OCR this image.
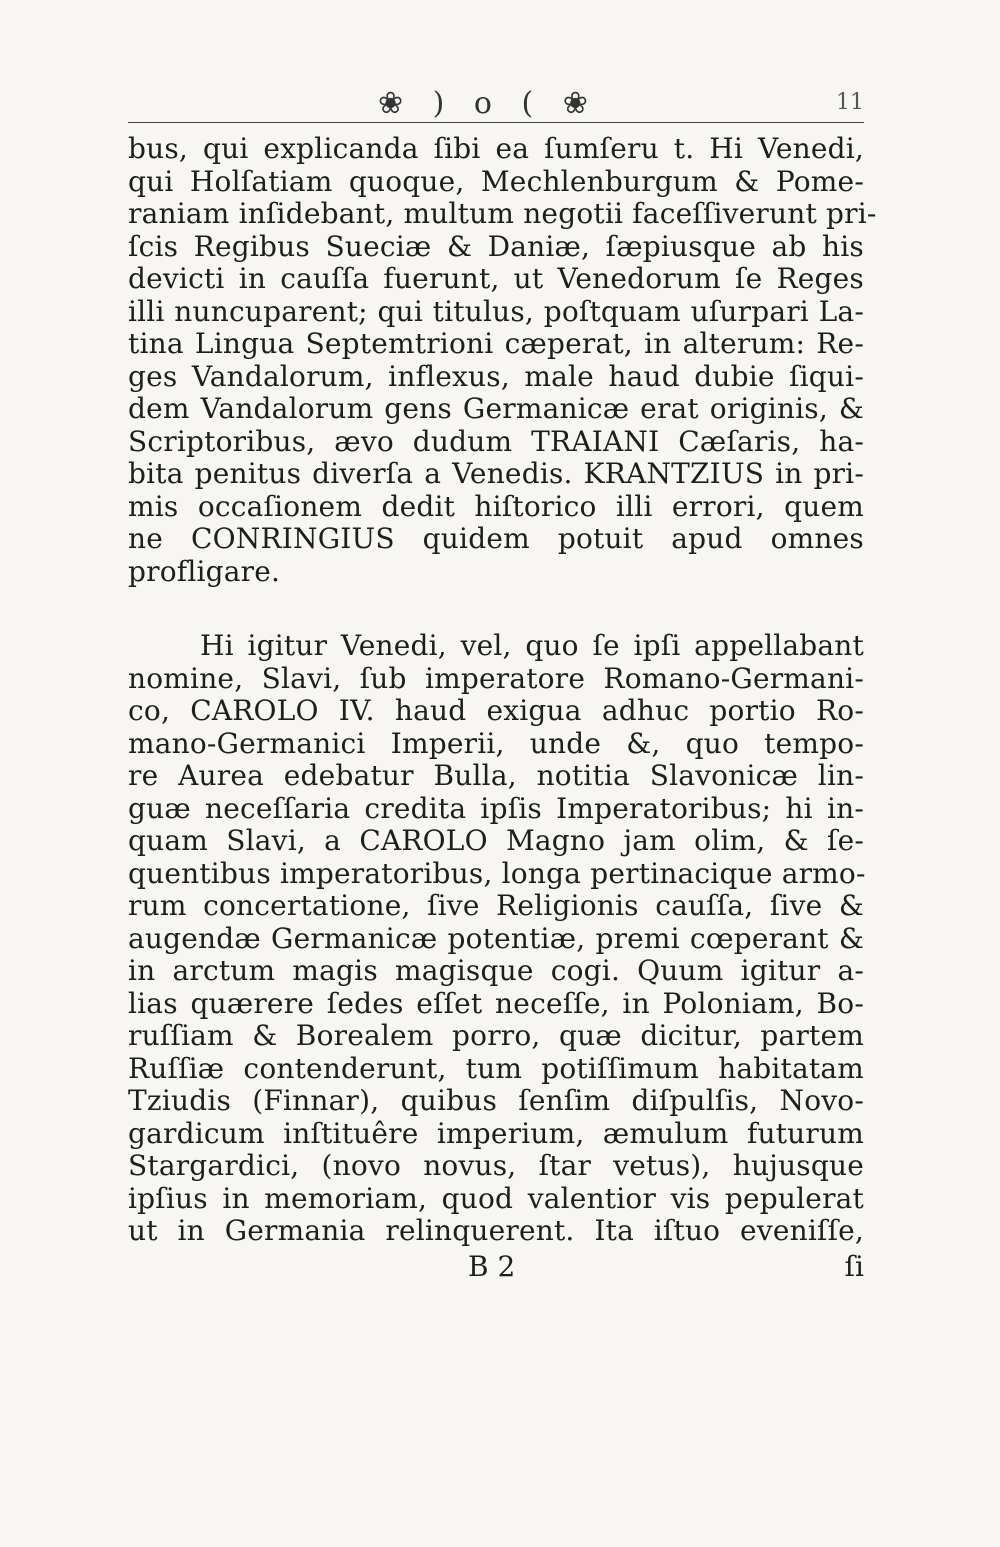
❀ ) o ( ❀	11
bus, qui explicanda ſibi ea ſumſeru t. Hi Venedi,
qui Holſatiam quoque, Mechlenburgum & Pome-
raniam inſidebant, multum negotii faceſſiverunt pri-
ſcis Regibus Sueciæ & Daniæ, ſæpiusque ab his
devicti in cauſſa fuerunt, ut Venedorum ſe Reges
illi nuncuparent; qui titulus, poſtquam uſurpari La-
tina Lingua Septemtrioni cæperat, in alterum: Re-
ges Vandalorum, inflexus, male haud dubie ſiqui-
dem Vandalorum gens Germanicæ erat originis, &
Scriptoribus, ævo dudum TRAIANI Cæſaris, ha-
bita penitus diverſa a Venedis. KRANTZIUS in pri-
mis occaſionem dedit hiſtorico illi errori, quem
ne CONRINGIUS quidem potuit apud omnes
profligare.
Hi igitur Venedi, vel, quo ſe ipſi appellabant
nomine, Slavi, ſub imperatore Romano-Germani-
co, CAROLO IV. haud exigua adhuc portio Ro-
mano-Germanici Imperii, unde &, quo tempo-
re Aurea edebatur Bulla, notitia Slavonicæ lin-
guæ neceſſaria credita ipſis Imperatoribus; hi in-
quam Slavi, a CAROLO Magno jam olim, & ſe-
quentibus imperatoribus, longa pertinacique armo-
rum concertatione, ſive Religionis cauſſa, ſive &
augendæ Germanicæ potentiæ, premi cœperant &
in arctum magis magisque cogi. Quum igitur a-
lias quærere ſedes eſſet neceſſe, in Poloniam, Bo-
ruſſiam & Borealem porro, quæ dicitur, partem
Ruſſiæ contenderunt, tum potiſſimum habitatam
Tziudis (Finnar), quibus ſenſim diſpulſis, Novo-
gardicum inſtituêre imperium, æmulum futurum
Stargardici, (novo novus, ſtar vetus), hujusque
ipſius in memoriam, quod valentior vis pepulerat
ut in Germania relinquerent. Ita iſtuo eveniſſe,
B 2	ſi
